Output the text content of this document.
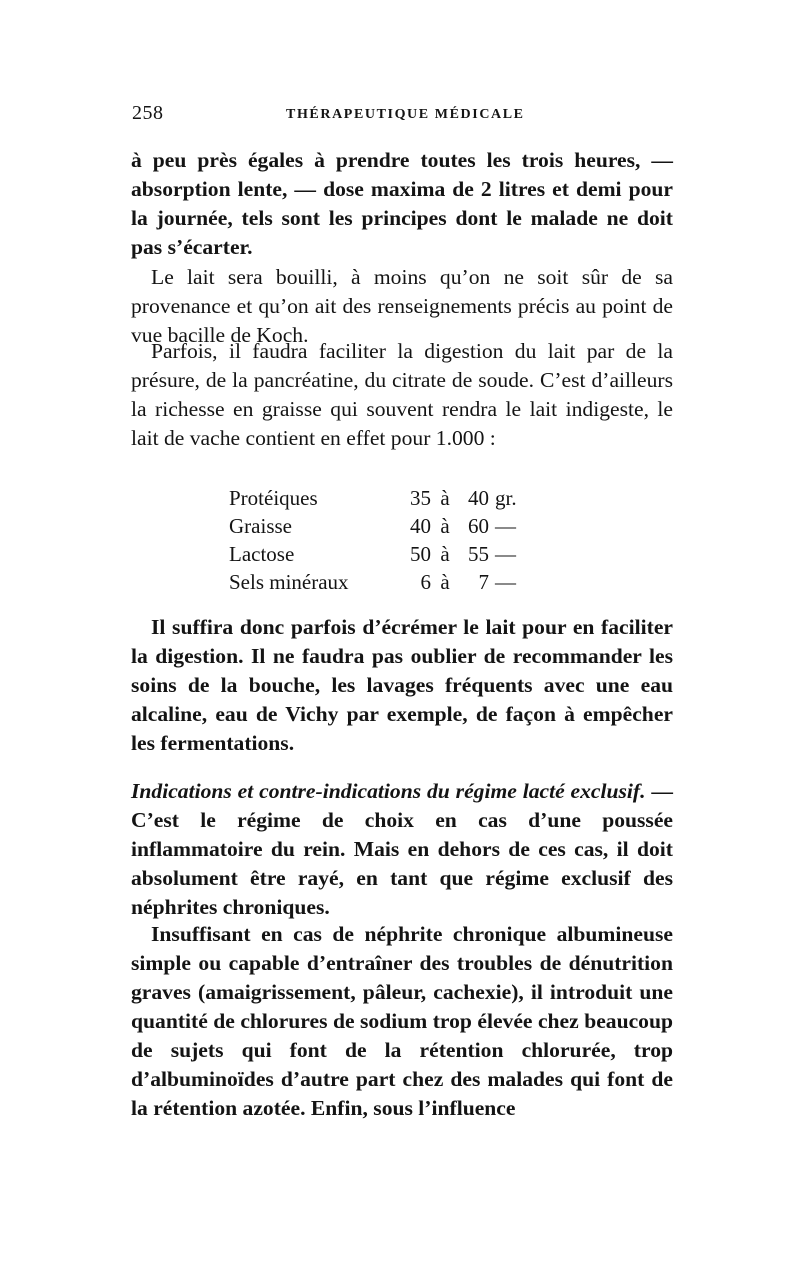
258	THÉRAPEUTIQUE MÉDICALE

à peu près égales à prendre toutes les trois heures, — absorption lente, — dose maxima de 2 litres et demi pour la journée, tels sont les principes dont le malade ne doit pas s’écarter.

Le lait sera bouilli, à moins qu’on ne soit sûr de sa provenance et qu’on ait des renseignements précis au point de vue bacille de Koch.

Parfois, il faudra faciliter la digestion du lait par de la présure, de la pancréatine, du citrate de soude. C’est d’ailleurs la richesse en graisse qui souvent rendra le lait indigeste, le lait de vache contient en effet pour 1.000 :

Protéiques	35	à	40	gr.
Graisse	40	à	60	—
Lactose	50	à	55	—
Sels minéraux	6	à	7	—

Il suffira donc parfois d’écrémer le lait pour en faciliter la digestion. Il ne faudra pas oublier de recommander les soins de la bouche, les lavages fréquents avec une eau alcaline, eau de Vichy par exemple, de façon à empêcher les fermentations.

Indications et contre-indications du régime lacté exclusif. — C’est le régime de choix en cas d’une poussée inflammatoire du rein. Mais en dehors de ces cas, il doit absolument être rayé, en tant que régime exclusif des néphrites chroniques.

Insuffisant en cas de néphrite chronique albumineuse simple ou capable d’entraîner des troubles de dénutrition graves (amaigrissement, pâleur, cachexie), il introduit une quantité de chlorures de sodium trop élevée chez beaucoup de sujets qui font de la rétention chlorurée, trop d’albuminoïdes d’autre part chez des malades qui font de la rétention azotée. Enfin, sous l’influence
